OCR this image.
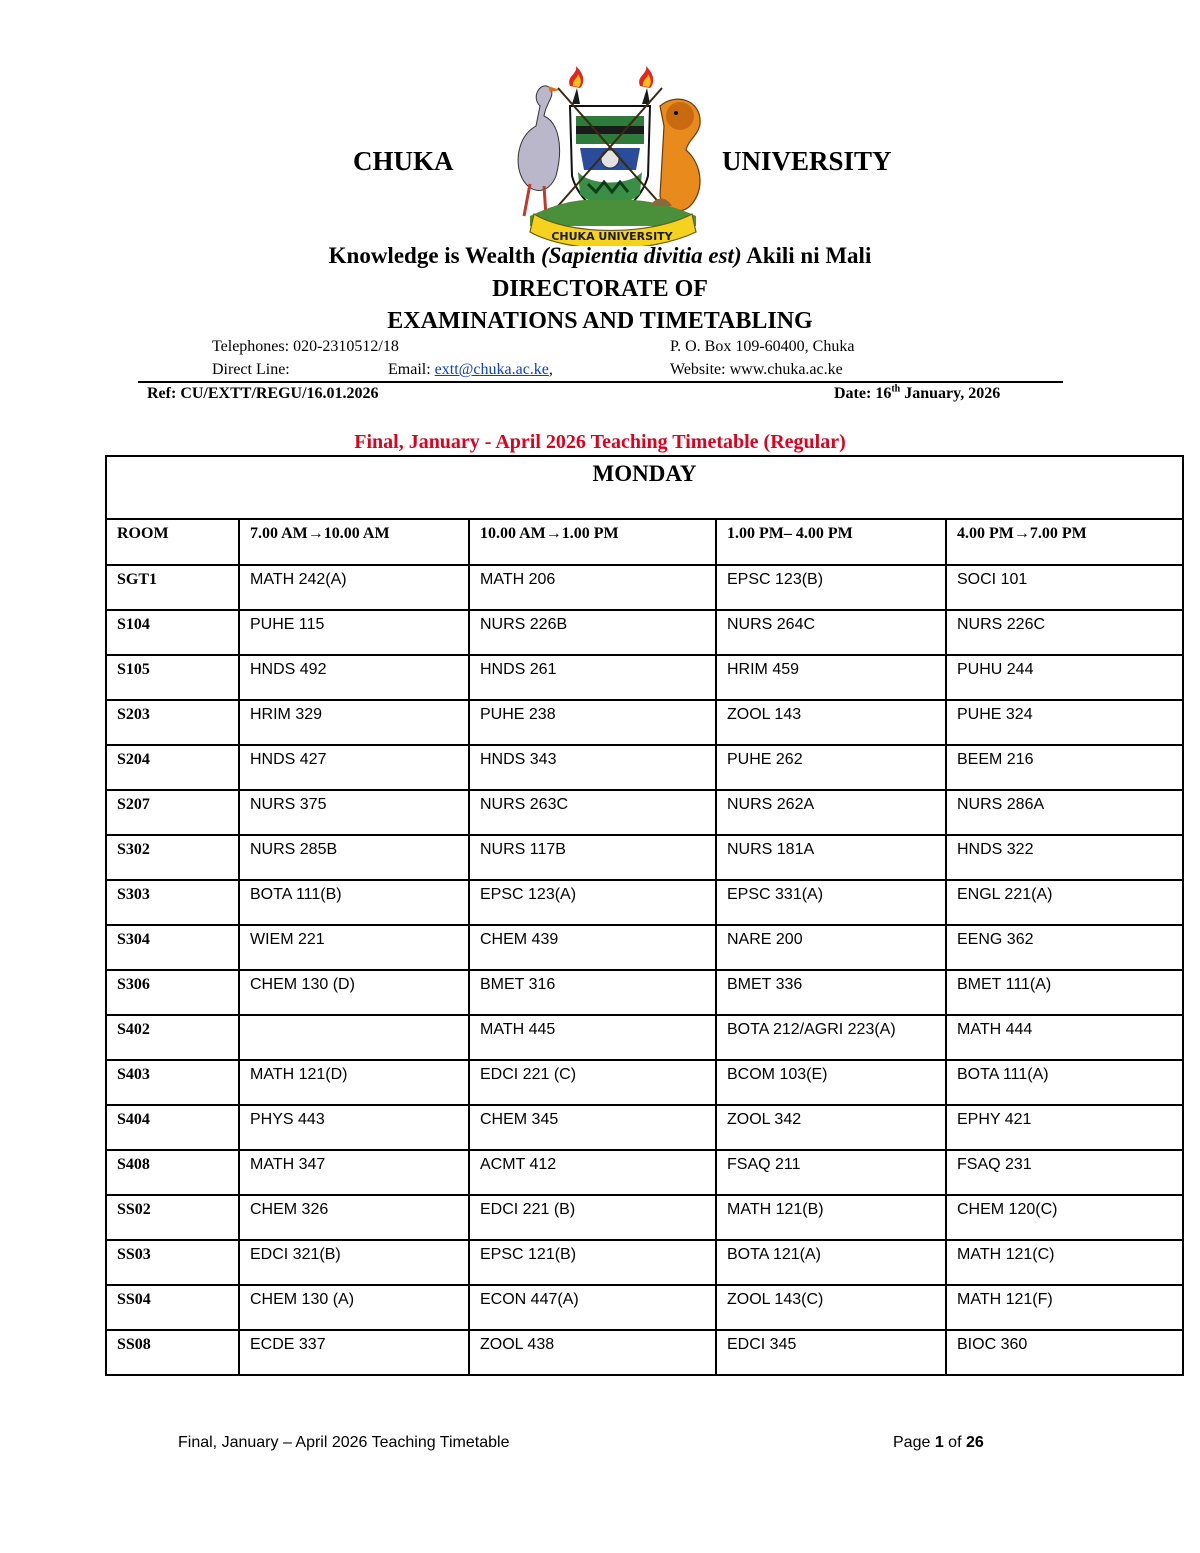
CHUKA	UNIVERSITY
CHUKA UNIVERSITY
Knowledge is Wealth (Sapientia divitia est) Akili ni Mali
DIRECTORATE OF
EXAMINATIONS AND TIMETABLING
Telephones: 020-2310512/18	P. O. Box 109-60400, Chuka
Direct Line:	Email: extt@chuka.ac.ke,	Website: www.chuka.ac.ke
Ref: CU/EXTT/REGU/16.01.2026	Date: 16th January, 2026
Final, January - April 2026 Teaching Timetable (Regular)
MONDAY				

ROOM	7.00 AM→10.00 AM	10.00 AM→1.00 PM	1.00 PM– 4.00 PM	4.00 PM→7.00 PM

SGT1	MATH 242(A)	MATH 206	EPSC 123(B)	SOCI 101

S104	PUHE 115	NURS 226B	NURS 264C	NURS 226C

S105	HNDS 492	HNDS 261	HRIM 459	PUHU 244

S203	HRIM 329	PUHE 238	ZOOL 143	PUHE 324

S204	HNDS 427	HNDS 343	PUHE 262	BEEM 216

S207	NURS 375	NURS 263C	NURS 262A	NURS 286A

S302	NURS 285B	NURS 117B	NURS 181A	HNDS 322

S303	BOTA 111(B)	EPSC 123(A)	EPSC 331(A)	ENGL 221(A)

S304	WIEM 221	CHEM 439	NARE 200	EENG 362

S306	CHEM 130 (D)	BMET 316	BMET 336	BMET 111(A)

S402		MATH 445	BOTA 212/AGRI 223(A)	MATH 444

S403	MATH 121(D)	EDCI 221 (C)	BCOM 103(E)	BOTA 111(A)

S404	PHYS 443	CHEM 345	ZOOL 342	EPHY 421

S408	MATH 347	ACMT 412	FSAQ 211	FSAQ 231

SS02	CHEM 326	EDCI 221 (B)	MATH 121(B)	CHEM 120(C)

SS03	EDCI 321(B)	EPSC 121(B)	BOTA 121(A)	MATH 121(C)

SS04	CHEM 130 (A)	ECON 447(A)	ZOOL 143(C)	MATH 121(F)

SS08	ECDE 337	ZOOL 438	EDCI 345	BIOC 360
Final, January – April 2026 Teaching Timetable	Page 1 of 26
